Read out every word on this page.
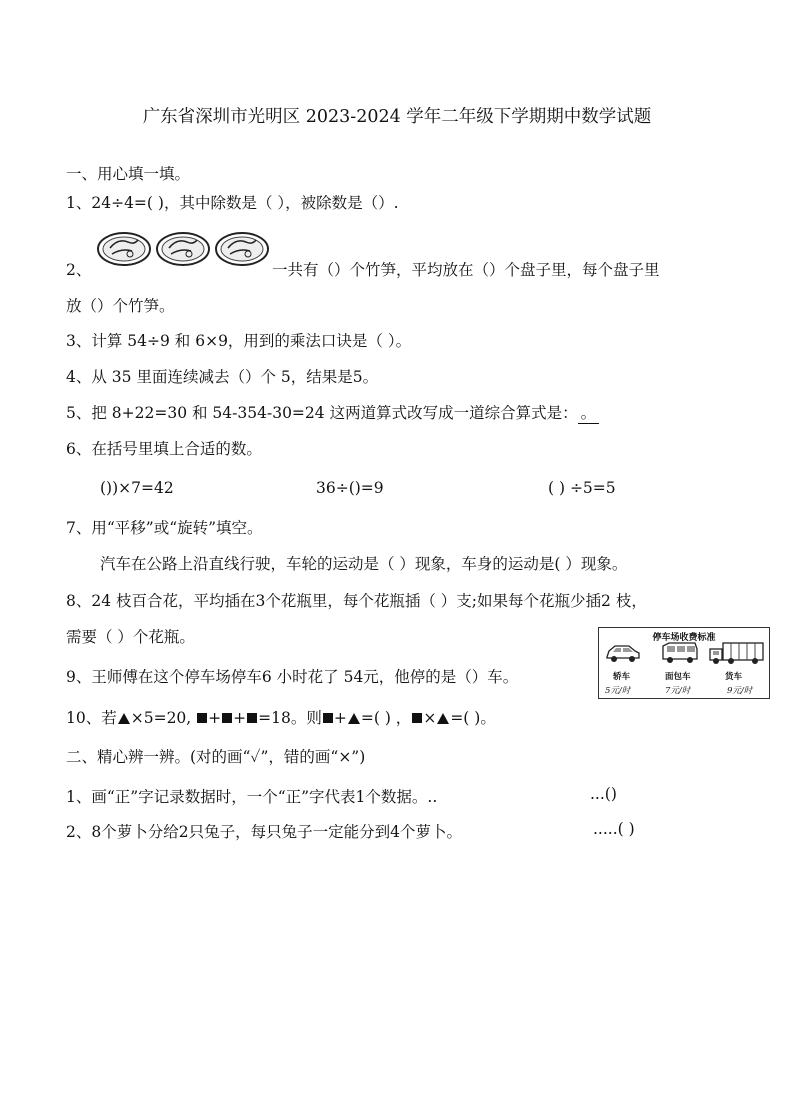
广东省深圳市光明区 2023-2024 学年二年级下学期期中数学试题
一、用心填一填。
1、24÷4=( )，其中除数是（ ），被除数是（）.
2、	一共有（）个竹笋，平均放在（）个盘子里，每个盘子里
放（）个竹笋。
3、计算 54÷9 和 6×9，用到的乘法口诀是（ ）。
4、从 35 里面连续减去（）个 5，结果是5。
5、把 8+22=30 和 54-354-30=24 这两道算式改写成一道综合算式是： 。
6、在括号里填上合适的数。
())×7=42	36÷()=9	( ) ÷5=5
7、用“平移”或“旋转”填空。
汽车在公路上沿直线行驶，车轮的运动是（ ）现象，车身的运动是( ）现象。
8、24 枝百合花，平均插在3个花瓶里，每个花瓶插（ ）支;如果每个花瓶少插2 枝，
需要（ ）个花瓶。	停车场收费标准
轿车	面包车	货车
5元/时	7元/时	9元/时
9、王师傅在这个停车场停车6 小时花了 54元，他停的是（）车。
10、若 ×5=20, + + =18。则 + =( ) ， × =( )。
二、精心辨一辨。(对的画“✓”，错的画“×”)
1、画“正”字记录数据时，一个“正”字代表1个数据。..	...()
2、8个萝卜分给2只兔子，每只兔子一定能分到4个萝卜。	.....( )
